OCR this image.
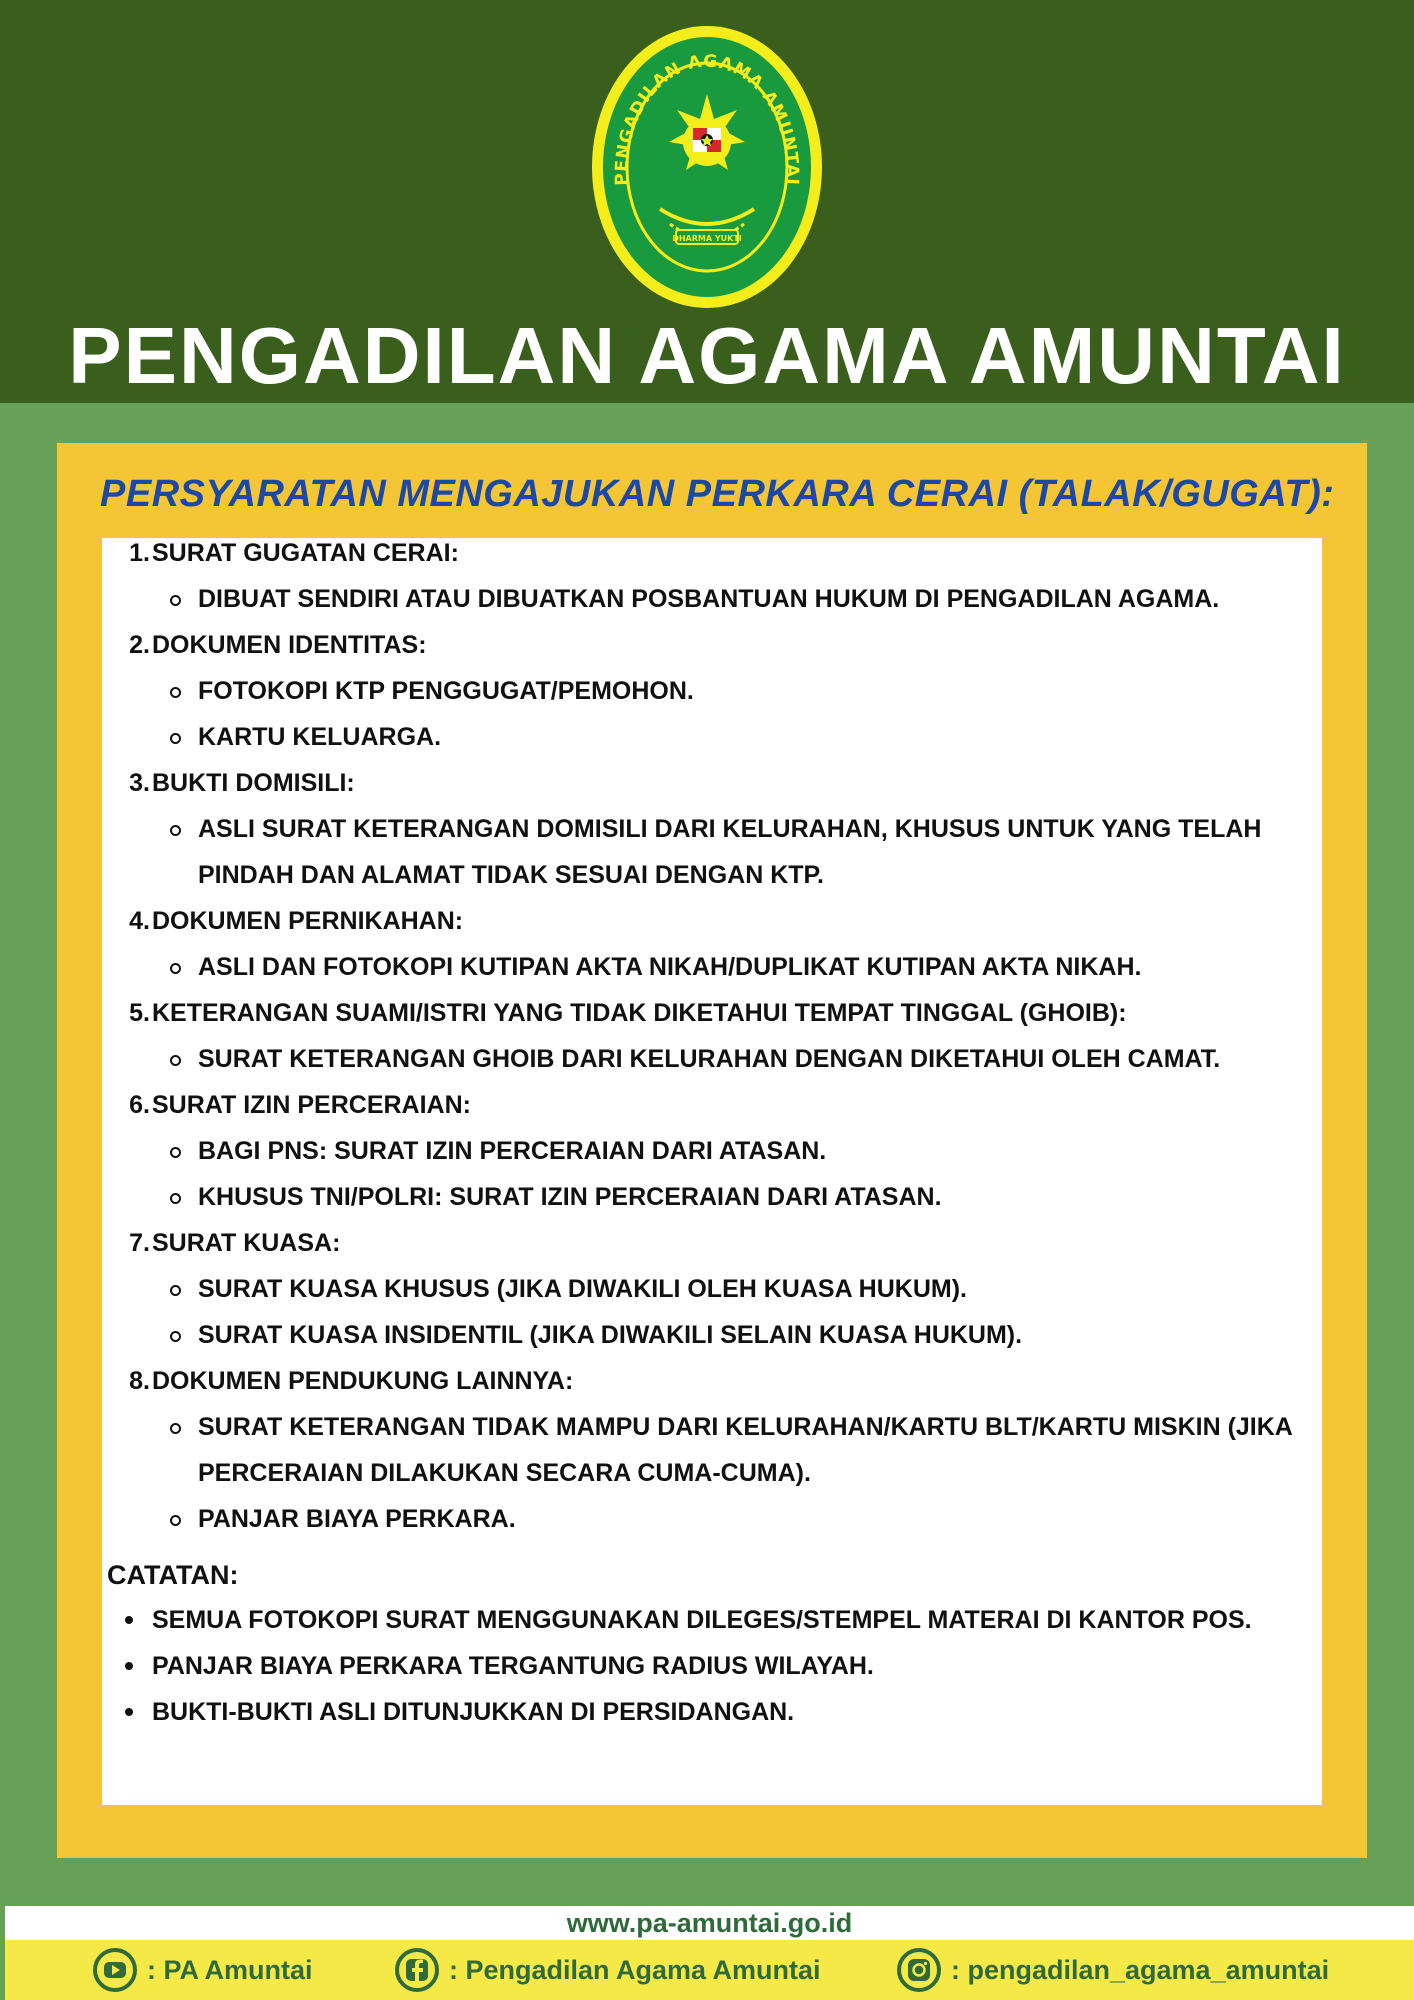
PENGADILAN AGAMA AMUNTAI
DHARMA YUKTI
PENGADILAN AGAMA AMUNTAI
PERSYARATAN MENGAJUKAN PERKARA CERAI (TALAK/GUGAT):
1. SURAT GUGATAN CERAI:
DIBUAT SENDIRI ATAU DIBUATKAN POSBANTUAN HUKUM DI PENGADILAN AGAMA.
2. DOKUMEN IDENTITAS:
FOTOKOPI KTP PENGGUGAT/PEMOHON.
KARTU KELUARGA.
3. BUKTI DOMISILI:
ASLI SURAT KETERANGAN DOMISILI DARI KELURAHAN, KHUSUS UNTUK YANG TELAH PINDAH DAN ALAMAT TIDAK SESUAI DENGAN KTP.
4. DOKUMEN PERNIKAHAN:
ASLI DAN FOTOKOPI KUTIPAN AKTA NIKAH/DUPLIKAT KUTIPAN AKTA NIKAH.
5. KETERANGAN SUAMI/ISTRI YANG TIDAK DIKETAHUI TEMPAT TINGGAL (GHOIB):
SURAT KETERANGAN GHOIB DARI KELURAHAN DENGAN DIKETAHUI OLEH CAMAT.
6. SURAT IZIN PERCERAIAN:
BAGI PNS: SURAT IZIN PERCERAIAN DARI ATASAN.
KHUSUS TNI/POLRI: SURAT IZIN PERCERAIAN DARI ATASAN.
7. SURAT KUASA:
SURAT KUASA KHUSUS (JIKA DIWAKILI OLEH KUASA HUKUM).
SURAT KUASA INSIDENTIL (JIKA DIWAKILI SELAIN KUASA HUKUM).
8. DOKUMEN PENDUKUNG LAINNYA:
SURAT KETERANGAN TIDAK MAMPU DARI KELURAHAN/KARTU BLT/KARTU MISKIN (JIKA PERCERAIAN DILAKUKAN SECARA CUMA-CUMA).
PANJAR BIAYA PERKARA.
CATATAN:
SEMUA FOTOKOPI SURAT MENGGUNAKAN DILEGES/STEMPEL MATERAI DI KANTOR POS.
PANJAR BIAYA PERKARA TERGANTUNG RADIUS WILAYAH.
BUKTI-BUKTI ASLI DITUNJUKKAN DI PERSIDANGAN.
www.pa-amuntai.go.id
: PA Amuntai	: Pengadilan Agama Amuntai	: pengadilan_agama_amuntai
